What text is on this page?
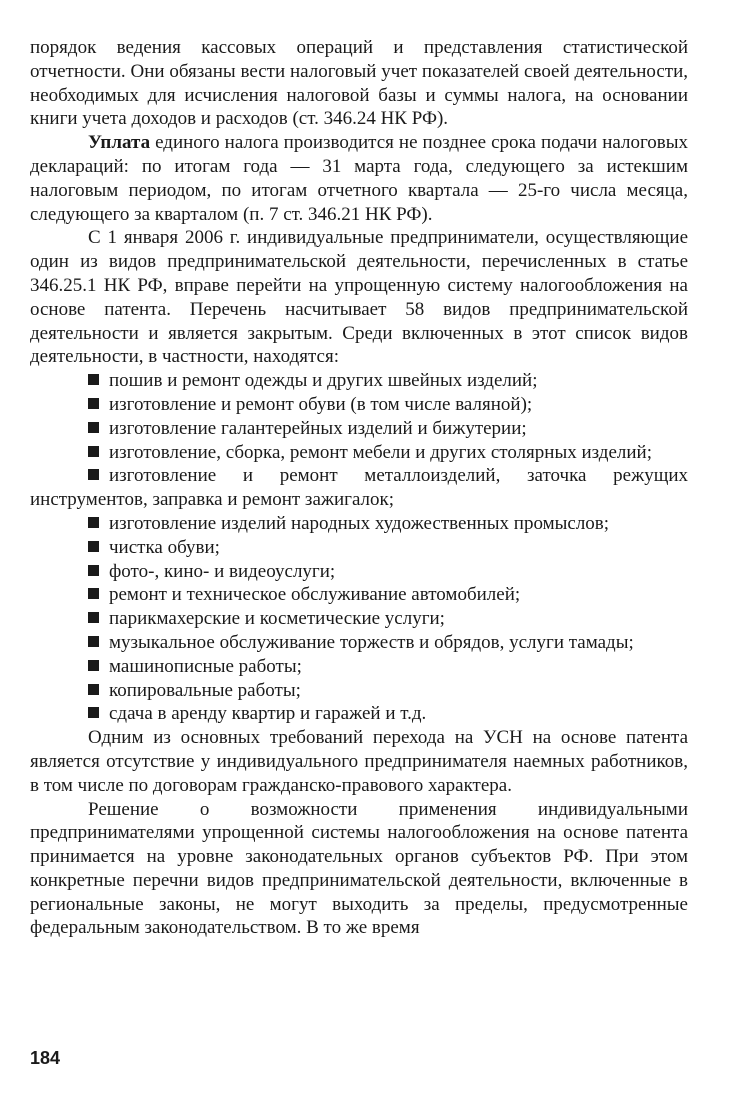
порядок ведения кассовых операций и представления статистической отчетности. Они обязаны вести налоговый учет показателей своей деятельности, необходимых для исчисления налоговой базы и суммы налога, на основании книги учета доходов и расходов (ст. 346.24 НК РФ).

Уплата единого налога производится не позднее срока подачи налоговых деклараций: по итогам года — 31 марта года, следующего за истекшим налоговым периодом, по итогам отчетного квартала — 25-го числа месяца, следующего за кварталом (п. 7 ст. 346.21 НК РФ).

С 1 января 2006 г. индивидуальные предприниматели, осуществляющие один из видов предпринимательской деятельности, перечисленных в статье 346.25.1 НК РФ, вправе перейти на упрощенную систему налогообложения на основе патента. Перечень насчитывает 58 видов предпринимательской деятельности и является закрытым. Среди включенных в этот список видов деятельности, в частности, находятся:

пошив и ремонт одежды и других швейных изделий;
изготовление и ремонт обуви (в том числе валяной);
изготовление галантерейных изделий и бижутерии;
изготовление, сборка, ремонт мебели и других столярных изделий;
изготовление и ремонт металлоизделий, заточка режущих инструментов, заправка и ремонт зажигалок;
изготовление изделий народных художественных промыслов;
чистка обуви;
фото-, кино- и видеоуслуги;
ремонт и техническое обслуживание автомобилей;
парикмахерские и косметические услуги;
музыкальное обслуживание торжеств и обрядов, услуги тамады;
машинописные работы;
копировальные работы;
сдача в аренду квартир и гаражей и т.д.

Одним из основных требований перехода на УСН на основе патента является отсутствие у индивидуального предпринимателя наемных работников, в том числе по договорам гражданско-правового характера.

Решение о возможности применения индивидуальными предпринимателями упрощенной системы налогообложения на основе патента принимается на уровне законодательных органов субъектов РФ. При этом конкретные перечни видов предпринимательской деятельности, включенные в региональные законы, не могут выходить за пределы, предусмотренные федеральным законодательством. В то же время

184
